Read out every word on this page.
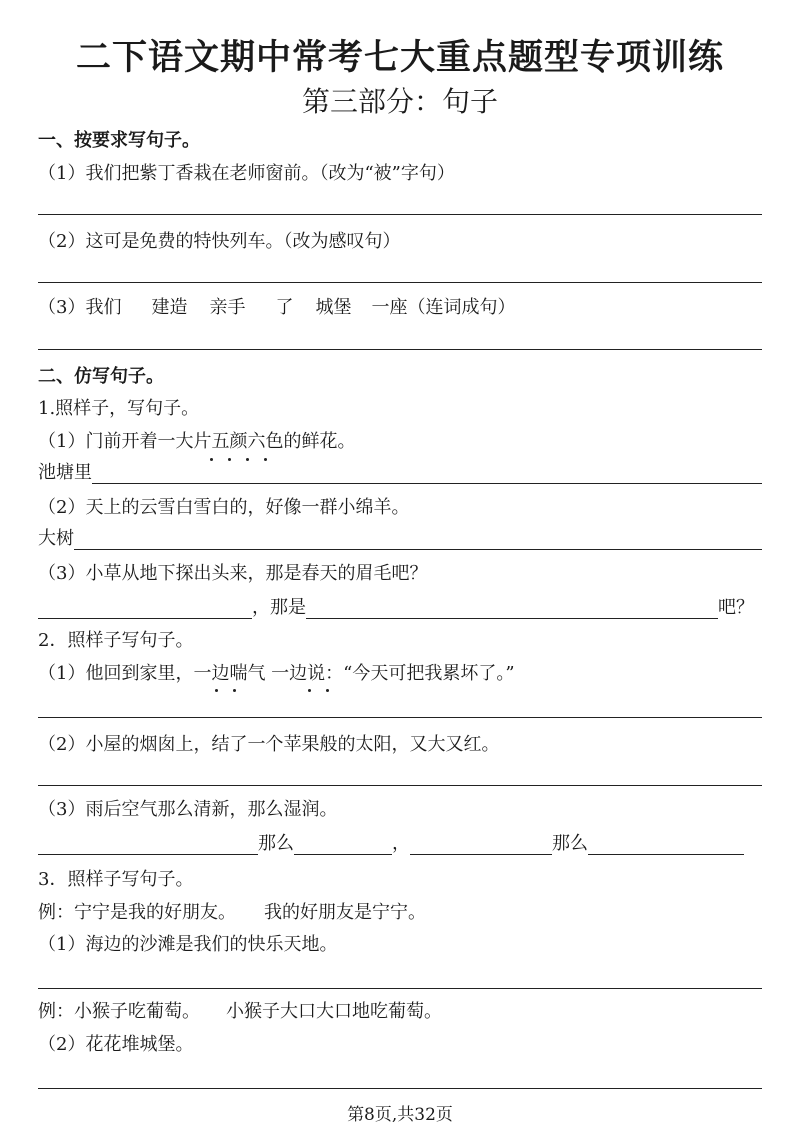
二下语文期中常考七大重点题型专项训练
第三部分：句子
一、按要求写句子。
（1）我们把紫丁香栽在老师窗前。（改为“被”字句）
（2）这可是免费的特快列车。（改为感叹句）
（3）我们 建造 亲手 了 城堡 一座（连词成句）
二、仿写句子。
1.照样子，写句子。
（1）门前开着一大片五颜六色的鲜花。
池塘里
（2）天上的云雪白雪白的，好像一群小绵羊。
大树
（3）小草从地下探出头来，那是春天的眉毛吧？
，那是	吧？
2．照样子写句子。
（1）他回到家里，一边喘气 一边说：“今天可把我累坏了。”
（2）小屋的烟囱上，结了一个苹果般的太阳，又大又红。
（3）雨后空气那么清新，那么湿润。
那么	，	那么
3．照样子写句子。
例：宁宁是我的好朋友。 我的好朋友是宁宁。
（1）海边的沙滩是我们的快乐天地。
例：小猴子吃葡萄。 小猴子大口大口地吃葡萄。
（2）花花堆城堡。
第8页,共32页
